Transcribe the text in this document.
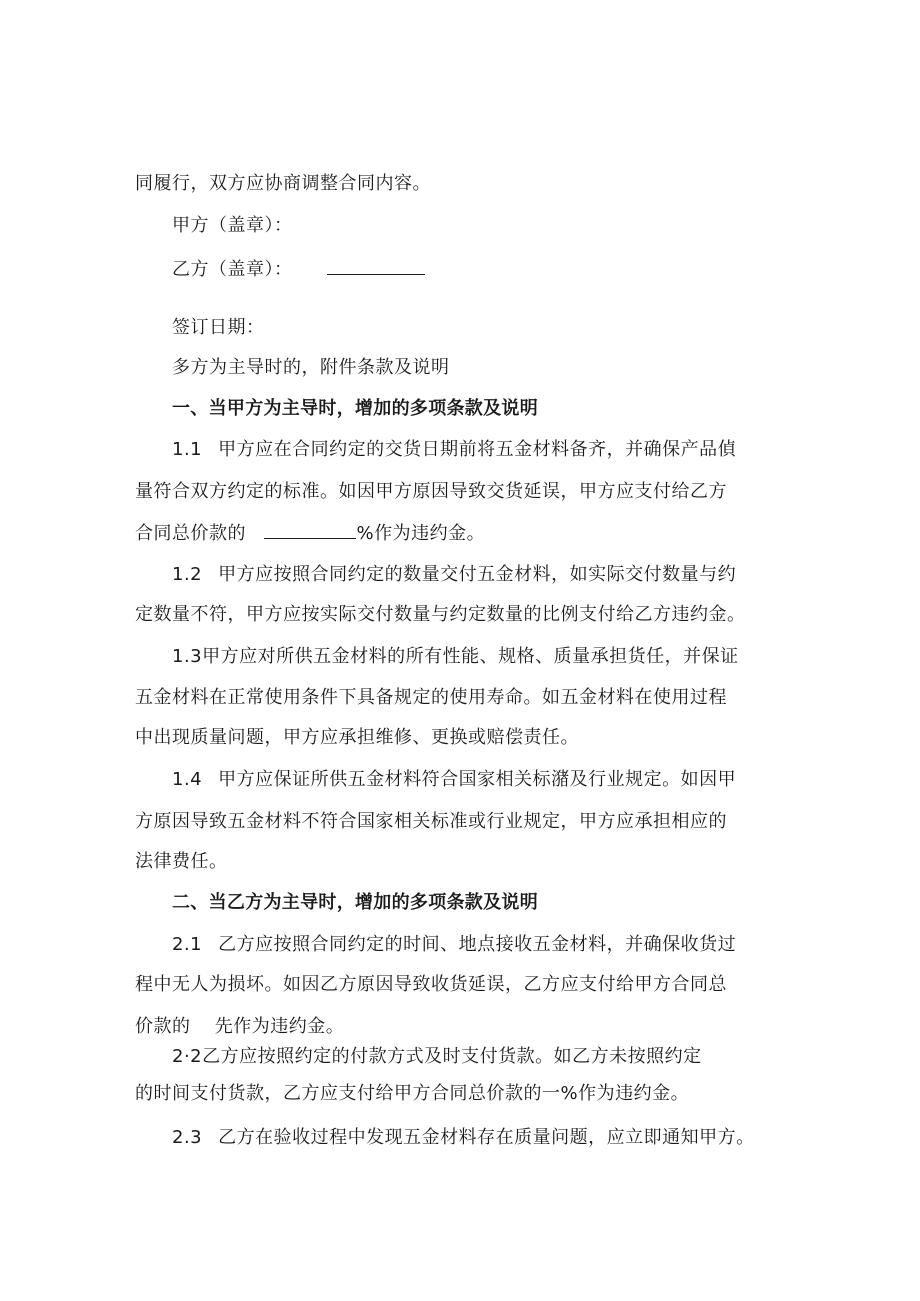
同履行，双方应协商调整合同内容。
甲方（盖章）：
乙方（盖章）：
签订日期：
多方为主导时的，附件条款及说明
一、当甲方为主导时，增加的多项条款及说明
1.1 甲方应在合同约定的交货日期前将五金材料备齐，并确保产品偵
量符合双方约定的标准。如因甲方原因导致交货延误，甲方应支付给乙方
合同总价款的	%作为违约金。
1.2 甲方应按照合同约定的数量交付五金材料，如实际交付数量与约
定数量不符，甲方应按实际交付数量与约定数量的比例支付给乙方违约金。
1.3甲方应对所供五金材料的所有性能、规格、质量承担货任，并保证
五金材料在正常使用条件下具备规定的使用寿命。如五金材料在使用过程
中出现质量问题，甲方应承担维修、更换或赔偿责任。
1.4 甲方应保证所供五金材料符合国家相关标潴及行业规定。如因甲
方原因导致五金材料不符合国家相关标准或行业规定，甲方应承担相应的
法律费任。
二、当乙方为主导时，增加的多项条款及说明
2.1 乙方应按照合同约定的时间、地点接收五金材料，并确保收货过
程中无人为损坏。如因乙方原因导致收货延误，乙方应支付给甲方合同总
价款的 先作为违约金。
2·2乙方应按照约定的付款方式及时支付货款。如乙方未按照约定
的时间支付货款，乙方应支付给甲方合同总价款的一%作为违约金。
2.3 乙方在验收过程中发现五金材料存在质量问题，应立即通知甲方。
